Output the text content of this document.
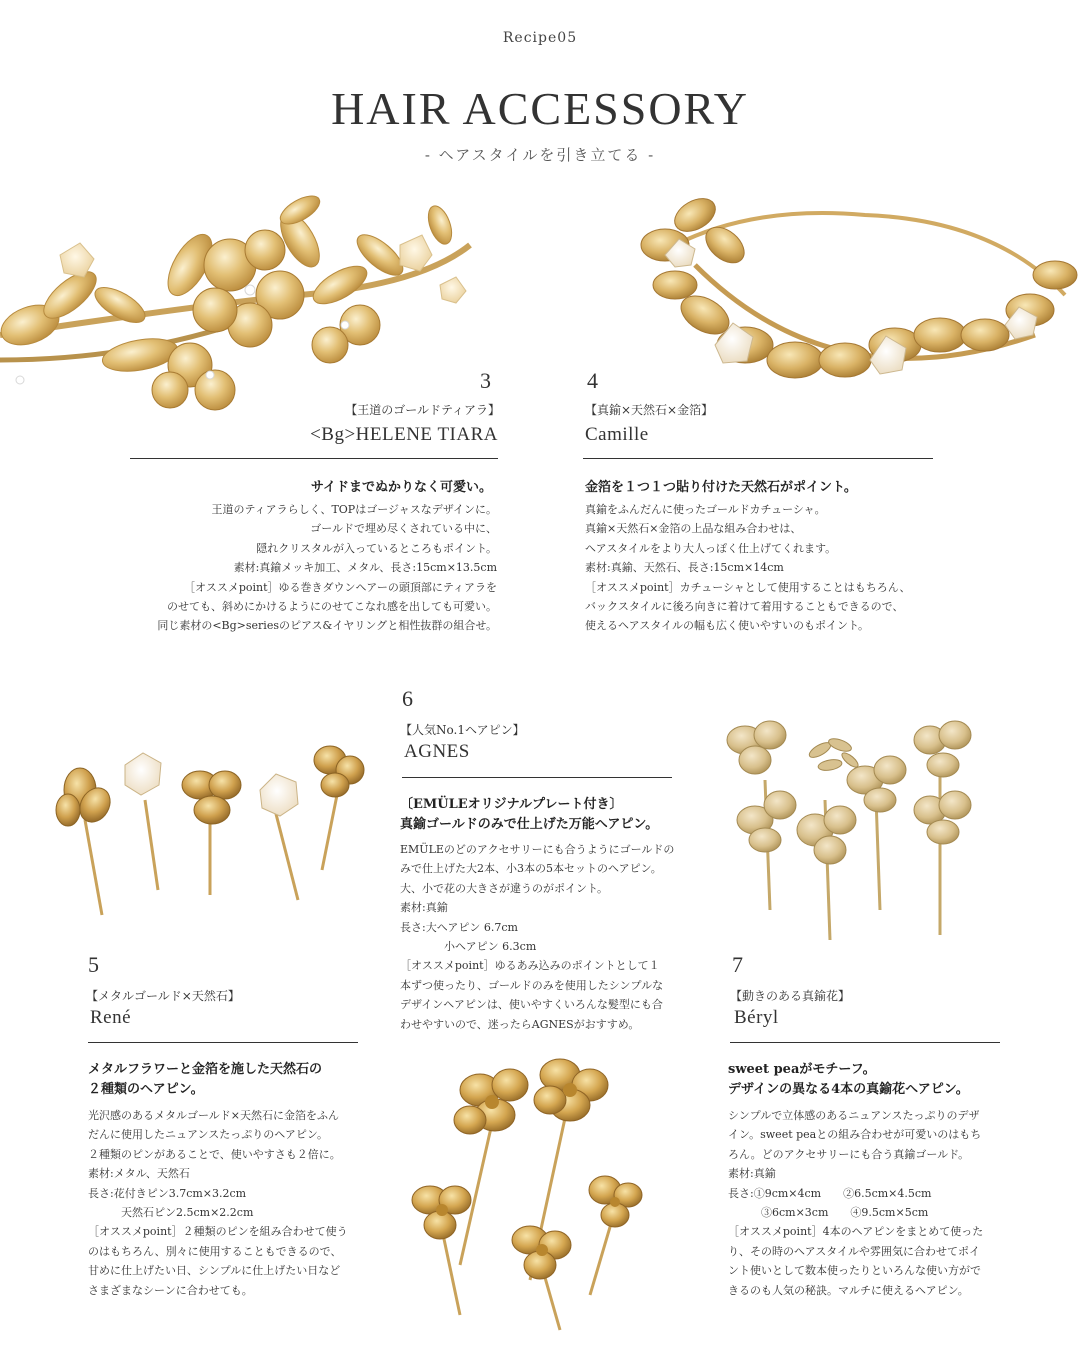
Recipe05
HAIR ACCESSORY
- ヘアスタイルを引き立てる -
3
【王道のゴールドティアラ】
<Bg>HELENE TIARA
サイドまでぬかりなく可愛い。
王道のティアラらしく、TOPはゴージャスなデザインに。
ゴールドで埋め尽くされている中に、
隠れクリスタルが入っているところもポイント。
素材:真鍮メッキ加工、メタル、長さ:15cm×13.5cm
［オススメpoint］ゆる巻きダウンヘアーの頭頂部にティアラを
のせても、斜めにかけるようにのせてこなれ感を出しても可愛い。
同じ素材の<Bg>seriesのピアス&イヤリングと相性抜群の組合せ。
4
【真鍮×天然石×金箔】
Camille
金箔を１つ１つ貼り付けた天然石がポイント。
真鍮をふんだんに使ったゴールドカチューシャ。
真鍮×天然石×金箔の上品な組み合わせは、
ヘアスタイルをより大人っぽく仕上げてくれます。
素材:真鍮、天然石、長さ:15cm×14cm
［オススメpoint］カチューシャとして使用することはもちろん、
バックスタイルに後ろ向きに着けて着用することもできるので、
使えるヘアスタイルの幅も広く使いやすいのもポイント。
6
【人気No.1ヘアピン】
AGNES
〔EMÜLEオリジナルプレート付き〕
真鍮ゴールドのみで仕上げた万能ヘアピン。
EMÜLEのどのアクセサリーにも合うようにゴールドの
みで仕上げた大2本、小3本の5本セットのヘアピン。
大、小で花の大きさが違うのがポイント。
素材:真鍮
長さ:大ヘアピン 6.7cm
　　　　小ヘアピン 6.3cm
［オススメpoint］ゆるあみ込みのポイントとして１
本ずつ使ったり、ゴールドのみを使用したシンプルな
デザインヘアピンは、使いやすくいろんな髪型にも合
わせやすいので、迷ったらAGNESがおすすめ。
5
【メタルゴールド×天然石】
René
メタルフラワーと金箔を施した天然石の
２種類のヘアピン。
光沢感のあるメタルゴールド×天然石に金箔をふん
だんに使用したニュアンスたっぷりのヘアピン。
２種類のピンがあることで、使いやすさも２倍に。
素材:メタル、天然石
長さ:花付きピン3.7cm×3.2cm
　　　天然石ピン2.5cm×2.2cm
［オススメpoint］２種類のピンを組み合わせて使う
のはもちろん、別々に使用することもできるので、
甘めに仕上げたい日、シンプルに仕上げたい日など
さまざまなシーンに合わせても。
7
【動きのある真鍮花】
Béryl
sweet peaがモチーフ。
デザインの異なる4本の真鍮花ヘアピン。
シンプルで立体感のあるニュアンスたっぷりのデザ
イン。sweet peaとの組み合わせが可愛いのはもち
ろん。どのアクセサリーにも合う真鍮ゴールド。
素材:真鍮
長さ:①9cm×4cm　　②6.5cm×4.5cm
　　　③6cm×3cm　　④9.5cm×5cm
［オススメpoint］4本のヘアピンをまとめて使った
り、その時のヘアスタイルや雰囲気に合わせてポイ
ント使いとして数本使ったりといろんな使い方がで
きるのも人気の秘訣。マルチに使えるヘアピン。
